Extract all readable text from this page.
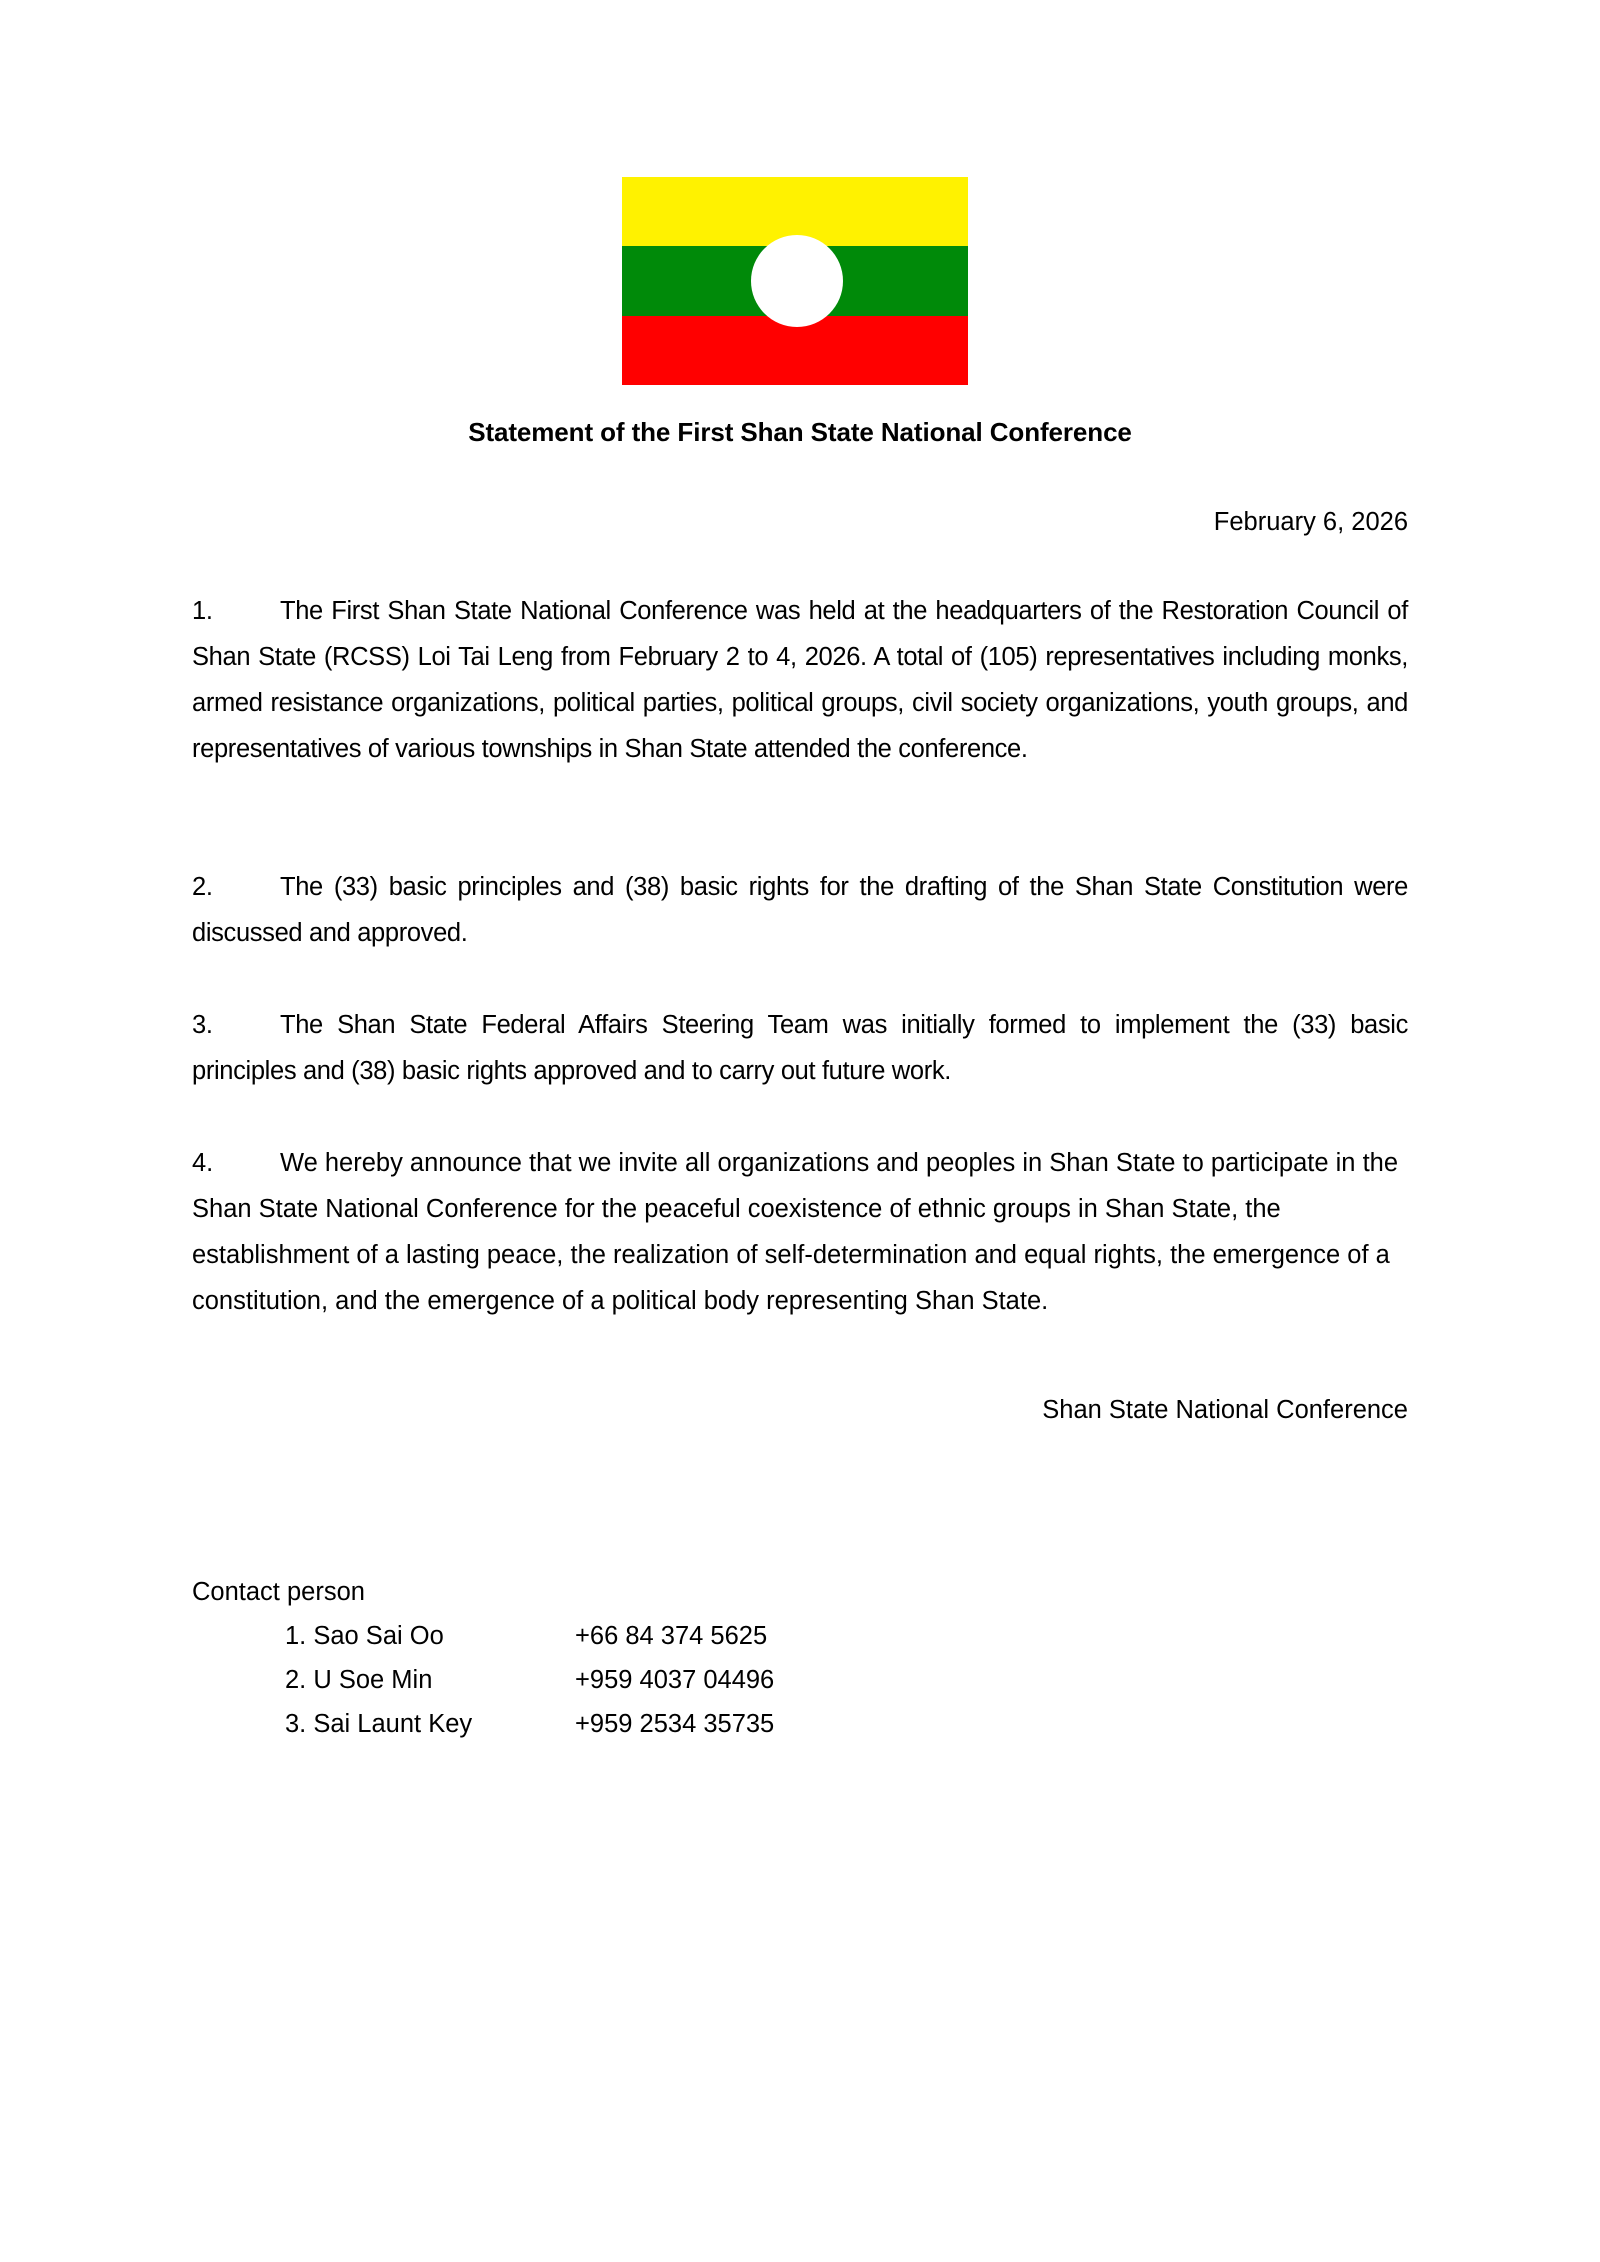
Statement of the First Shan State National Conference
February 6, 2026

1.	The First Shan State National Conference was held at the headquarters of the Restoration Council of Shan State (RCSS) Loi Tai Leng from February 2 to 4, 2026. A total of (105) representatives including monks, armed resistance organizations, political parties, political groups, civil society organizations, youth groups, and representatives of various townships in Shan State attended the conference.

2.	The (33) basic principles and (38) basic rights for the drafting of the Shan State Constitution were discussed and approved.

3.	The Shan State Federal Affairs Steering Team was initially formed to implement the (33) basic principles and (38) basic rights approved and to carry out future work.

4.	We hereby announce that we invite all organizations and peoples in Shan State to participate in the Shan State National Conference for the peaceful coexistence of ethnic groups in Shan State, the establishment of a lasting peace, the realization of self-determination and equal rights, the emergence of a constitution, and the emergence of a political body representing Shan State.

Shan State National Conference
Contact person
1. Sao Sai Oo	+66 84 374 5625
2. U Soe Min	+959 4037 04496
3. Sai Launt Key	+959 2534 35735
